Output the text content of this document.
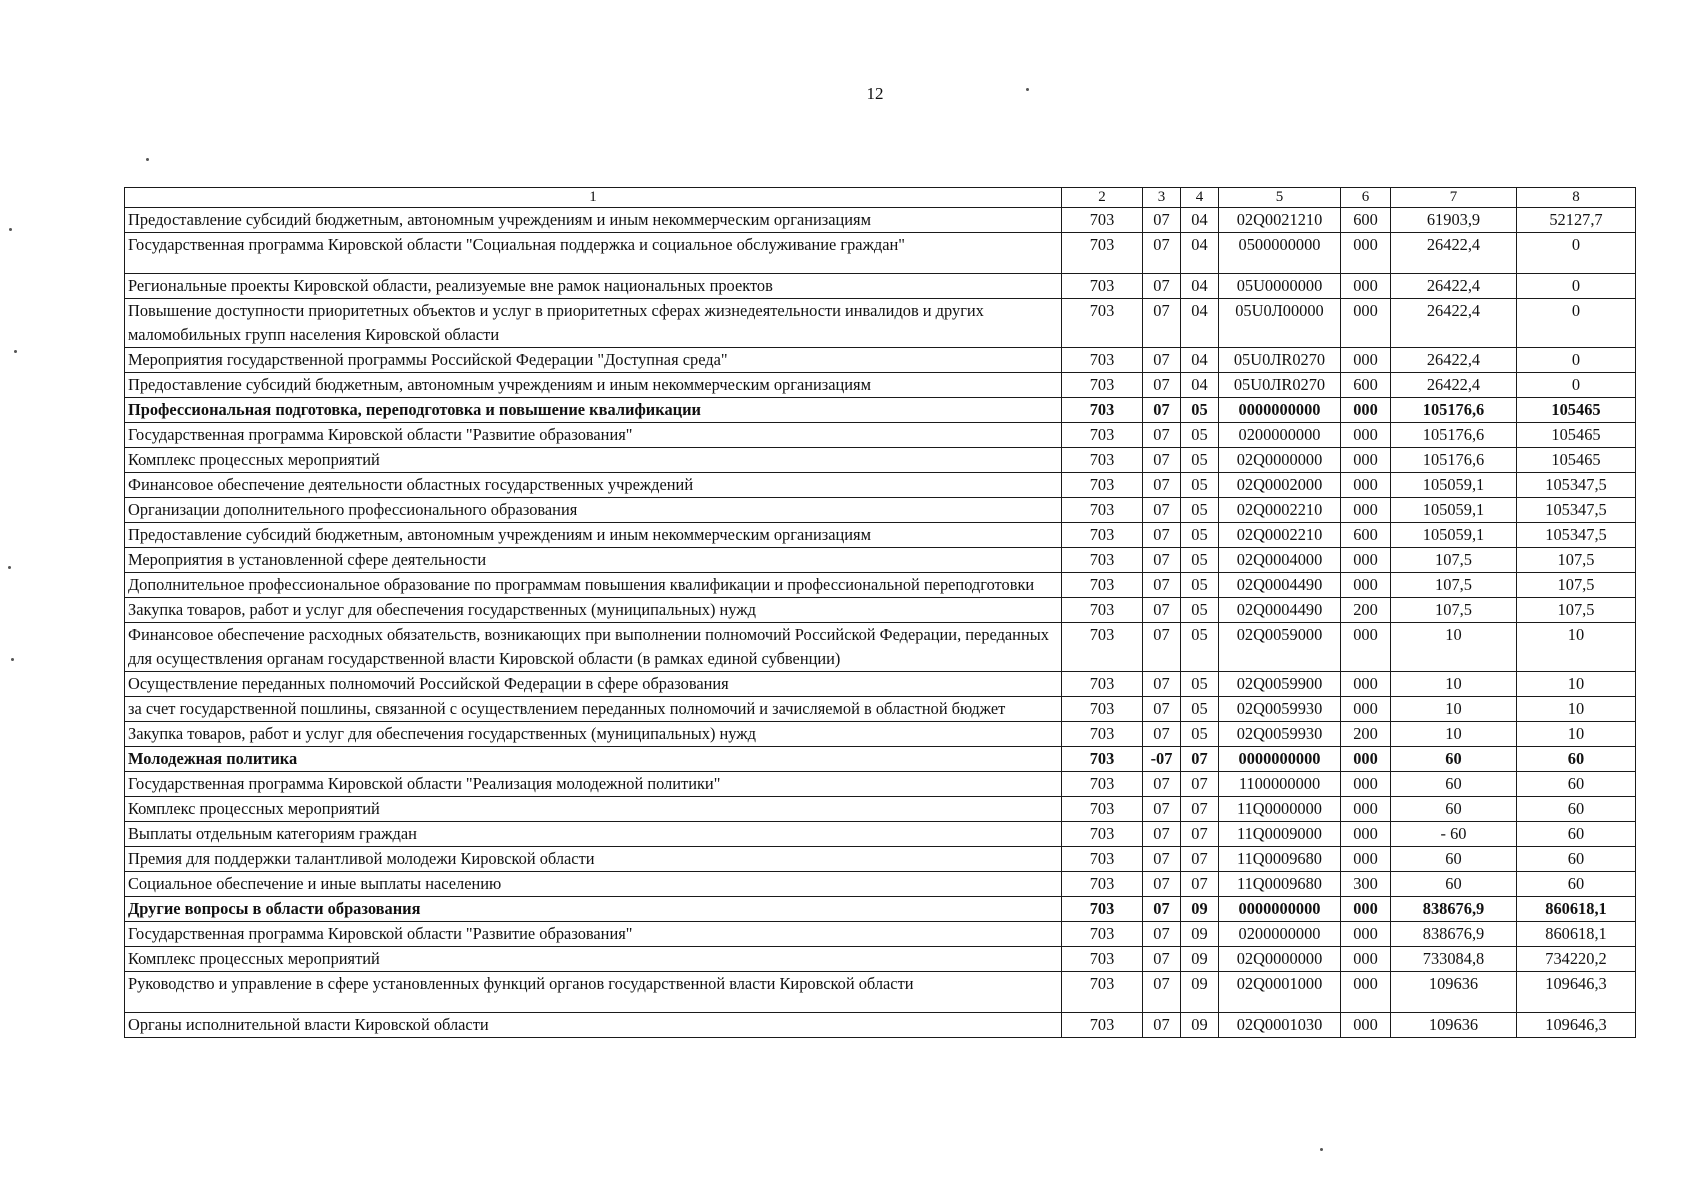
12
1	2	3	4	5	6	7	8
Предоставление субсидий бюджетным, автономным учреждениям и иным некоммерческим организациям	703	07	04	02Q0021210	600	61903,9	52127,7
Государственная программа Кировской области "Социальная поддержка и социальное обслуживание граждан"	703	07	04	0500000000	000	26422,4	0
Региональные проекты Кировской области, реализуемые вне рамок национальных проектов	703	07	04	05U0000000	000	26422,4	0
Повышение доступности приоритетных объектов и услуг в приоритетных сферах жизнедеятельности инвалидов и других маломобильных групп населения Кировской области	703	07	04	05U0Л00000	000	26422,4	0
Мероприятия государственной программы Российской Федерации "Доступная среда"	703	07	04	05U0ЛR0270	000	26422,4	0
Предоставление субсидий бюджетным, автономным учреждениям и иным некоммерческим организациям	703	07	04	05U0ЛR0270	600	26422,4	0
Профессиональная подготовка, переподготовка и повышение квалификации	703	07	05	0000000000	000	105176,6	105465
Государственная программа Кировской области "Развитие образования"	703	07	05	0200000000	000	105176,6	105465
Комплекс процессных мероприятий	703	07	05	02Q0000000	000	105176,6	105465
Финансовое обеспечение деятельности областных государственных учреждений	703	07	05	02Q0002000	000	105059,1	105347,5
Организации дополнительного профессионального образования	703	07	05	02Q0002210	000	105059,1	105347,5
Предоставление субсидий бюджетным, автономным учреждениям и иным некоммерческим организациям	703	07	05	02Q0002210	600	105059,1	105347,5
Мероприятия в установленной сфере деятельности	703	07	05	02Q0004000	000	107,5	107,5
Дополнительное профессиональное образование по программам повышения квалификации и профессиональной переподготовки	703	07	05	02Q0004490	000	107,5	107,5
Закупка товаров, работ и услуг для обеспечения государственных (муниципальных) нужд	703	07	05	02Q0004490	200	107,5	107,5
Финансовое обеспечение расходных обязательств, возникающих при выполнении полномочий Российской Федерации, переданных для осуществления органам государственной власти Кировской области (в рамках единой субвенции)	703	07	05	02Q0059000	000	10	10
Осуществление переданных полномочий Российской Федерации в сфере образования	703	07	05	02Q0059900	000	10	10
за счет государственной пошлины, связанной с осуществлением переданных полномочий и зачисляемой в областной бюджет	703	07	05	02Q0059930	000	10	10
Закупка товаров, работ и услуг для обеспечения государственных (муниципальных) нужд	703	07	05	02Q0059930	200	10	10
Молодежная политика	703	-07	07	0000000000	000	60	60
Государственная программа Кировской области "Реализация молодежной политики"	703	07	07	1100000000	000	60	60
Комплекс процессных мероприятий	703	07	07	11Q0000000	000	60	60
Выплаты отдельным категориям граждан	703	07	07	11Q0009000	000	- 60	60
Премия для поддержки талантливой молодежи Кировской области	703	07	07	11Q0009680	000	60	60
Социальное обеспечение и иные выплаты населению	703	07	07	11Q0009680	300	60	60
Другие вопросы в области образования	703	07	09	0000000000	000	838676,9	860618,1
Государственная программа Кировской области "Развитие образования"	703	07	09	0200000000	000	838676,9	860618,1
Комплекс процессных мероприятий	703	07	09	02Q0000000	000	733084,8	734220,2
Руководство и управление в сфере установленных функций органов государственной власти Кировской области	703	07	09	02Q0001000	000	109636	109646,3
Органы исполнительной власти Кировской области	703	07	09	02Q0001030	000	109636	109646,3
